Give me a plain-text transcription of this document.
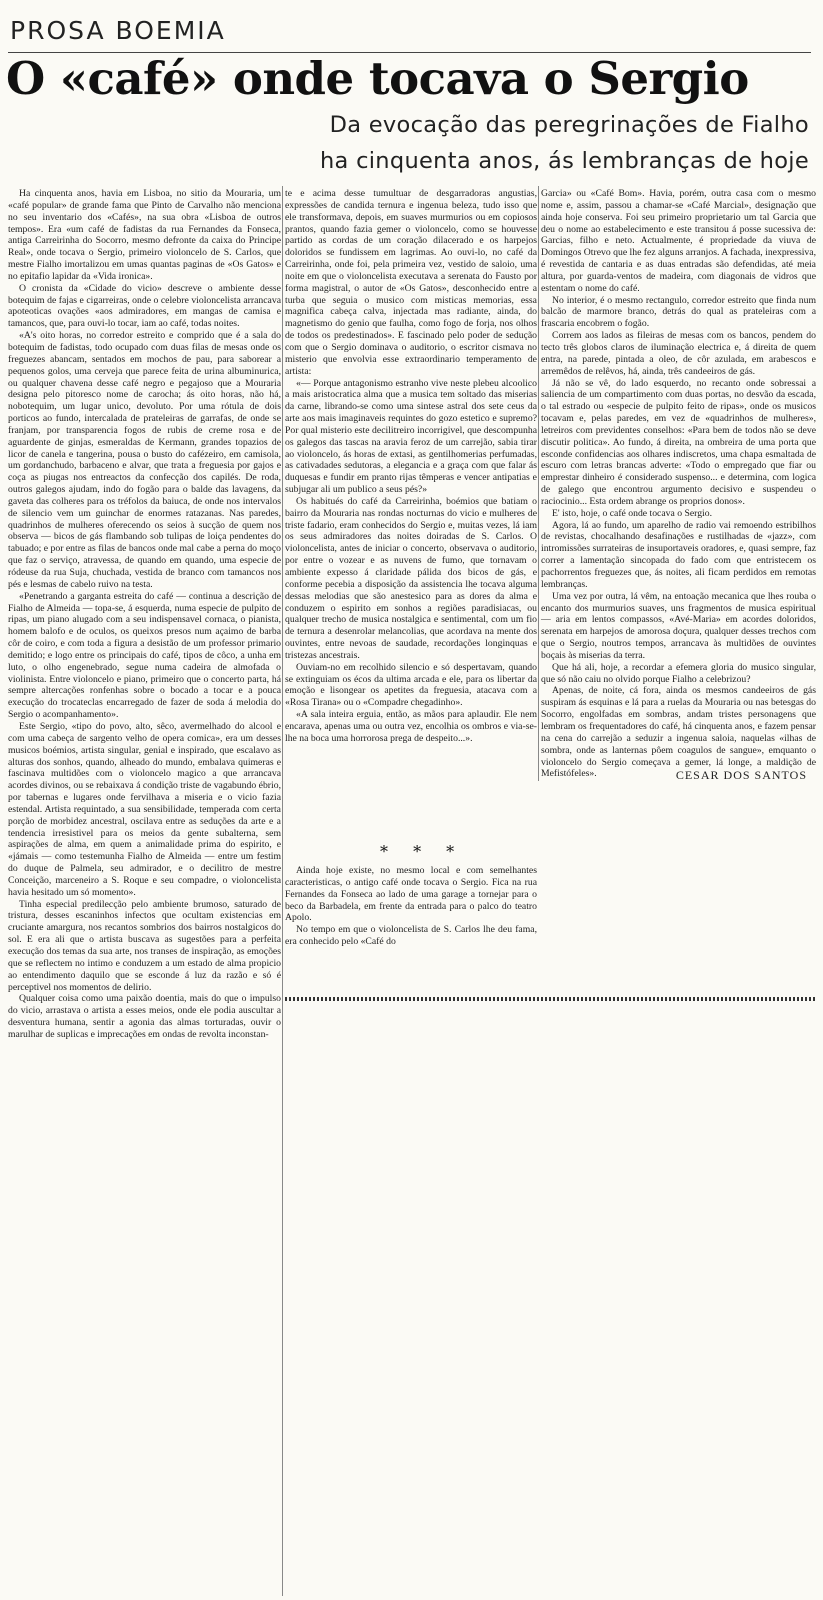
PROSA BOEMIA
O «café» onde tocava o Sergio
Da evocação das peregrinações de Fialho
ha cinquenta anos, ás lembranças de hoje

Ha cinquenta anos, havia em Lisboa, no sitio da Mouraria, um «café popular» de grande fama que Pinto de Carvalho não menciona no seu inventario dos «Cafés», na sua obra «Lisboa de outros tempos». Era «um café de fadistas da rua Fernandes da Fonseca, antiga Carreirinha do Socorro, mesmo defronte da caixa do Principe Real», onde tocava o Sergio, primeiro violoncelo de S. Carlos, que mestre Fialho imortalizou em umas quantas paginas de «Os Gatos» e no epitafio lapidar da «Vida ironica».

O cronista da «Cidade do vicio» descreve o ambiente desse botequim de fajas e cigarreiras, onde o celebre violoncelista arrancava apoteoticas ovações «aos admiradores, em mangas de camisa e tamancos, que, para ouvi-lo tocar, iam ao café, todas noites.

«A's oito horas, no corredor estreito e comprido que é a sala do botequim de fadistas, todo ocupado com duas filas de mesas onde os freguezes abancam, sentados em mochos de pau, para saborear a pequenos golos, uma cerveja que parece feita de urina albuminurica, ou qualquer chavena desse café negro e pegajoso que a Mouraria designa pelo pitoresco nome de carocha; ás oito horas, não há, nobotequim, um lugar unico, devoluto. Por uma rótula de dois porticos ao fundo, intercalada de prateleiras de garrafas, de onde se franjam, por transparencia fogos de rubis de creme rosa e de aguardente de ginjas, esmeraldas de Kermann, grandes topazios de licor de canela e tangerina, pousa o busto do cafézeiro, em camisola, um gordanchudo, barbaceno e alvar, que trata a freguesia por gajos e coça as piugas nos entreactos da confecção dos capilés. De roda, outros galegos ajudam, indo do fogão para o balde das lavagens, da gaveta das colheres para os tréfolos da baiuca, de onde nos intervalos de silencio vem um guinchar de enormes ratazanas. Nas paredes, quadrinhos de mulheres oferecendo os seios à sucção de quem nos observa — bicos de gás flambando sob tulipas de loiça pendentes do tabuado; e por entre as filas de bancos onde mal cabe a perna do moço que faz o serviço, atravessa, de quando em quando, uma especie de ródeuse da rua Suja, chuchada, vestida de branco com tamancos nos pés e lesmas de cabelo ruivo na testa.

«Penetrando a garganta estreita do café — continua a descrição de Fialho de Almeida — topa-se, á esquerda, numa especie de pulpito de ripas, um piano alugado com a seu indispensavel cornaca, o pianista, homem balofo e de oculos, os queixos presos num açaimo de barba côr de coiro, e com toda a figura a desistão de um professor primario demitido; e logo entre os principais do café, tipos de côco, a unha em luto, o olho engenebrado, segue numa cadeira de almofada o violinista. Entre violoncelo e piano, primeiro que o concerto parta, há sempre altercações ronfenhas sobre o bocado a tocar e a pouca execução do trocateclas encarregado de fazer de soda á melodia do Sergio o acompanhamento».

Este Sergio, «tipo do povo, alto, sêco, avermelhado do alcool e com uma cabeça de sargento velho de opera comica», era um desses musicos boémios, artista singular, genial e inspirado, que escalavo as alturas dos sonhos, quando, alheado do mundo, embalava quimeras e fascinava multidões com o violoncelo magico a que arrancava acordes divinos, ou se rebaixava á condição triste de vagabundo ébrio, por tabernas e lugares onde fervilhava a miseria e o vicio fazia estendal. Artista requintado, a sua sensibilidade, temperada com certa porção de morbidez ancestral, oscilava entre as seduções da arte e a tendencia irresistivel para os meios da gente subalterna, sem aspirações de alma, em quem a animalidade prima do espirito, e «jámais — como testemunha Fialho de Almeida — entre um festim do duque de Palmela, seu admirador, e o decilitro de mestre Conceição, marceneiro a S. Roque e seu compadre, o violoncelista havia hesitado um só momento».

Tinha especial predilecção pelo ambiente brumoso, saturado de tristura, desses escaninhos infectos que ocultam existencias em cruciante amargura, nos recantos sombrios dos bairros nostalgicos do sol. E era ali que o artista buscava as sugestões para a perfeita execução dos temas da sua arte, nos transes de inspiração, as emoções que se reflectem no intimo e conduzem a um estado de alma propicio ao entendimento daquilo que se esconde á luz da razão e só é perceptivel nos momentos de delirio.

Qualquer coisa como uma paixão doentia, mais do que o impulso do vicio, arrastava o artista a esses meios, onde ele podia auscultar a desventura humana, sentir a agonia das almas torturadas, ouvir o marulhar de suplicas e imprecações em ondas de revolta inconstan-

te e acima desse tumultuar de desgarradoras angustias, expressões de candida ternura e ingenua beleza, tudo isso que ele transformava, depois, em suaves murmurios ou em copiosos prantos, quando fazia gemer o violoncelo, como se houvesse partido as cordas de um coração dilacerado e os harpejos doloridos se fundissem em lagrimas. Ao ouvi-lo, no café da Carreirinha, onde foi, pela primeira vez, vestido de saloio, uma noite em que o violoncelista executava a serenata do Fausto por forma magistral, o autor de «Os Gatos», desconhecido entre a turba que seguia o musico com misticas memorias, essa magnifica cabeça calva, injectada mas radiante, ainda, do magnetismo do genio que faulha, como fogo de forja, nos olhos de todos os predestinados». E fascinado pelo poder de sedução com que o Sergio dominava o auditorio, o escritor cismava no misterio que envolvia esse extraordinario temperamento de artista:

«— Porque antagonismo estranho vive neste plebeu alcoolico a mais aristocratica alma que a musica tem soltado das miserias da carne, librando-se como uma sintese astral dos sete ceus da arte aos mais imaginaveis requintes do gozo estetico e supremo? Por qual misterio este decilitreiro incorrigivel, que descompunha os galegos das tascas na aravia feroz de um carrejão, sabia tirar ao violoncelo, ás horas de extasi, as gentilhomerias perfumadas, as cativadades sedutoras, a elegancia e a graça com que falar ás duquesas e fundir em pranto rijas têmperas e vencer antipatias e subjugar ali um publico a seus pés?»

Os habitués do café da Carreirinha, boémios que batiam o bairro da Mouraria nas rondas nocturnas do vicio e mulheres de triste fadario, eram conhecidos do Sergio e, muitas vezes, lá iam os seus admiradores das noites doiradas de S. Carlos. O violoncelista, antes de iniciar o concerto, observava o auditorio, por entre o vozear e as nuvens de fumo, que tornavam o ambiente expesso á claridade pálida dos bicos de gás, e conforme pecebia a disposição da assistencia lhe tocava alguma dessas melodias que são anestesico para as dores da alma e conduzem o espirito em sonhos a regiões paradisiacas, ou qualquer trecho de musica nostalgica e sentimental, com um fio de ternura a desenrolar melancolias, que acordava na mente dos ouvintes, entre nevoas de saudade, recordações longinquas e tristezas ancestrais.

Ouviam-no em recolhido silencio e só despertavam, quando se extinguiam os écos da ultima arcada e ele, para os libertar da emoção e lisongear os apetites da freguesia, atacava com a «Rosa Tirana» ou o «Compadre chegadinho».

«A sala inteira erguia, então, as mãos para aplaudir. Ele nem encarava, apenas uma ou outra vez, encolhia os ombros e via-se-lhe na boca uma horrorosa prega de despeito...».

* * *

Ainda hoje existe, no mesmo local e com semelhantes caracteristicas, o antigo café onde tocava o Sergio. Fica na rua Fernandes da Fonseca ao lado de uma garage a tornejar para o beco da Barbadela, em frente da entrada para o palco do teatro Apolo.

No tempo em que o violoncelista de S. Carlos lhe deu fama, era conhecido pelo «Café do

Garcia» ou «Café Bom». Havia, porém, outra casa com o mesmo nome e, assim, passou a chamar-se «Café Marcial», designação que ainda hoje conserva. Foi seu primeiro proprietario um tal Garcia que deu o nome ao estabelecimento e este transitou á posse sucessiva de: Garcias, filho e neto. Actualmente, é propriedade da viuva de Domingos Otrevo que lhe fez alguns arranjos. A fachada, inexpressiva, é revestida de cantaria e as duas entradas são defendidas, até meia altura, por guarda-ventos de madeira, com diagonais de vidros que estentam o nome do café.

No interior, é o mesmo rectangulo, corredor estreito que finda num balcão de marmore branco, detrás do qual as prateleiras com a frascaria encobrem o fogão.

Correm aos lados as fileiras de mesas com os bancos, pendem do tecto três globos claros de iluminação electrica e, á direita de quem entra, na parede, pintada a oleo, de côr azulada, em arabescos e arremêdos de relêvos, há, ainda, três candeeiros de gás.

Já não se vê, do lado esquerdo, no recanto onde sobressai a saliencia de um compartimento com duas portas, no desvão da escada, o tal estrado ou «especie de pulpito feito de ripas», onde os musicos tocavam e, pelas paredes, em vez de «quadrinhos de mulheres», letreiros com previdentes conselhos: «Para bem de todos não se deve discutir politica». Ao fundo, á direita, na ombreira de uma porta que esconde confidencias aos olhares indiscretos, uma chapa esmaltada de escuro com letras brancas adverte: «Todo o empregado que fiar ou emprestar dinheiro é considerado suspenso... e determina, com logica de galego que encontrou argumento decisivo e suspendeu o raciocinio... Esta ordem abrange os proprios donos».

E' isto, hoje, o café onde tocava o Sergio.

Agora, lá ao fundo, um aparelho de radio vai remoendo estribilhos de revistas, chocalhando desafinações e rustilhadas de «jazz», com intromissões surrateiras de insuportaveis oradores, e, quasi sempre, faz correr a lamentação sincopada do fado com que entristecem os pachorrentos freguezes que, ás noites, ali ficam perdidos em remotas lembranças.

Uma vez por outra, lá vêm, na entoação mecanica que lhes rouba o encanto dos murmurios suaves, uns fragmentos de musica espiritual — aria em lentos compassos, «Avé-Maria» em acordes doloridos, serenata em harpejos de amorosa doçura, qualquer desses trechos com que o Sergio, noutros tempos, arrancava às multidões de ouvintes boçais às miserias da terra.

Que há ali, hoje, a recordar a efemera gloria do musico singular, que só não caiu no olvido porque Fialho a celebrizou?

Apenas, de noite, cá fora, ainda os mesmos candeeiros de gás suspiram ás esquinas e lá para a ruelas da Mouraria ou nas betesgas do Socorro, engolfadas em sombras, andam tristes personagens que lembram os frequentadores do café, há cinquenta anos, e fazem pensar na cena do carrejão a seduzir a ingenua saloia, naquelas «ilhas de sombra, onde as lanternas pôem coagulos de sangue», emquanto o violoncelo do Sergio começava a gemer, lá longe, a maldição de Mefistófeles».	CESAR DOS SANTOS
